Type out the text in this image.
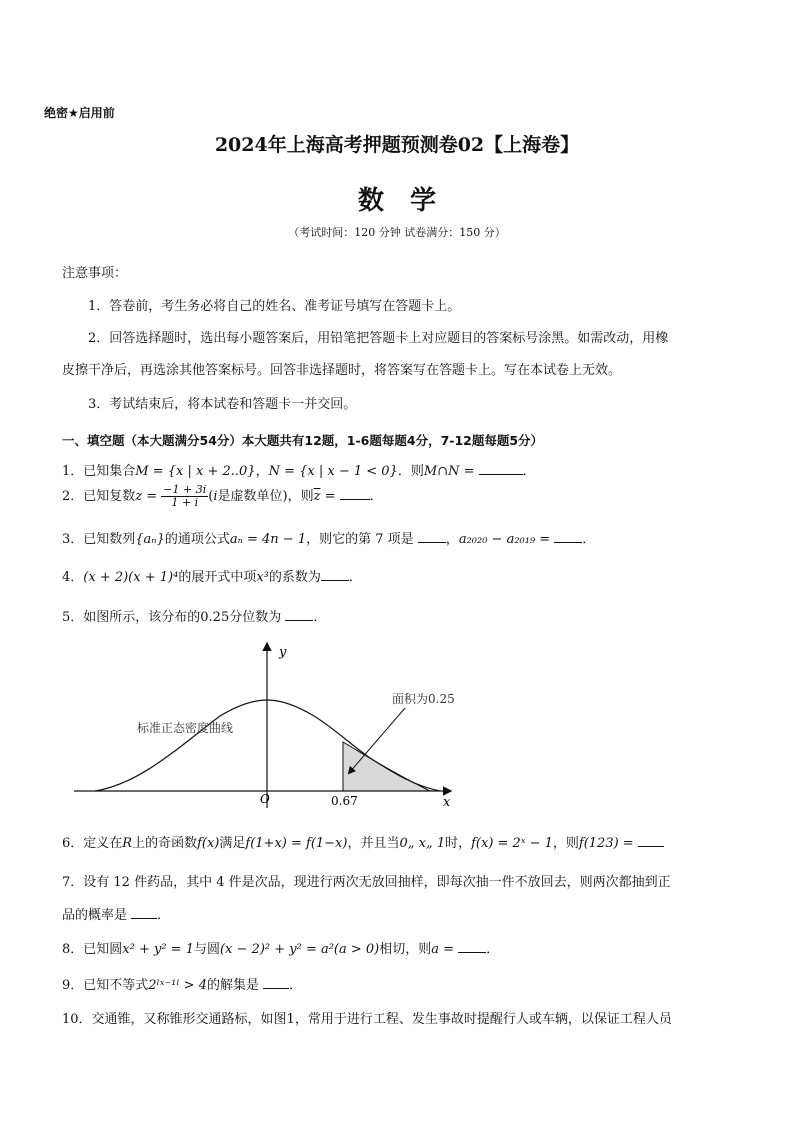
绝密★启用前
2024年上海高考押题预测卷02【上海卷】
数学
（考试时间：120 分钟 试卷满分：150 分）
注意事项：
1．答卷前，考生务必将自己的姓名、准考证号填写在答题卡上。
2．回答选择题时，选出每小题答案后，用铅笔把答题卡上对应题目的答案标号涂黑。如需改动，用橡
皮擦干净后，再选涂其他答案标号。回答非选择题时，将答案写在答题卡上。写在本试卷上无效。
3．考试结束后，将本试卷和答题卡一并交回。
一、填空题（本大题满分54分）本大题共有12题，1-6题每题4分，7-12题每题5分）
1．已知集合M = {x | x + 2..0}，N = {x | x − 1 < 0}．则M∩N =	．
2．已知复数$z = \frac{-1 + 3i}{1 + i} (i$是虚数单位)，则$\overline{z}$ =	．
3．已知数列{aₙ}的通项公式aₙ = 4n − 1，则它的第 7 项是 ，a₂₀₂₀ − a₂₀₁₉ = ．
4．(x + 2)(x + 1)⁴的展开式中项x³的系数为 ．
5．如图所示，该分布的0.25分位数为 ．
y
x
O	0.67
标准正态密度曲线
面积为0.25
6．定义在R上的奇函数f(x)满足f(1+x) = f(1−x)，并且当0„ x„ 1时，f(x) = 2ˣ − 1，则f(123) =
7．设有 12 件药品，其中 4 件是次品，现进行两次无放回抽样，即每次抽一件不放回去，则两次都抽到正
品的概率是 ．
8．已知圆x² + y² = 1与圆(x − 2)² + y² = a²(a > 0)相切，则a = ．
9．已知不等式2ˡˣ⁻¹ˡ > 4的解集是 ．
10．交通锥，又称锥形交通路标，如图1，常用于进行工程、发生事故时提醒行人或车辆，以保证工程人员
